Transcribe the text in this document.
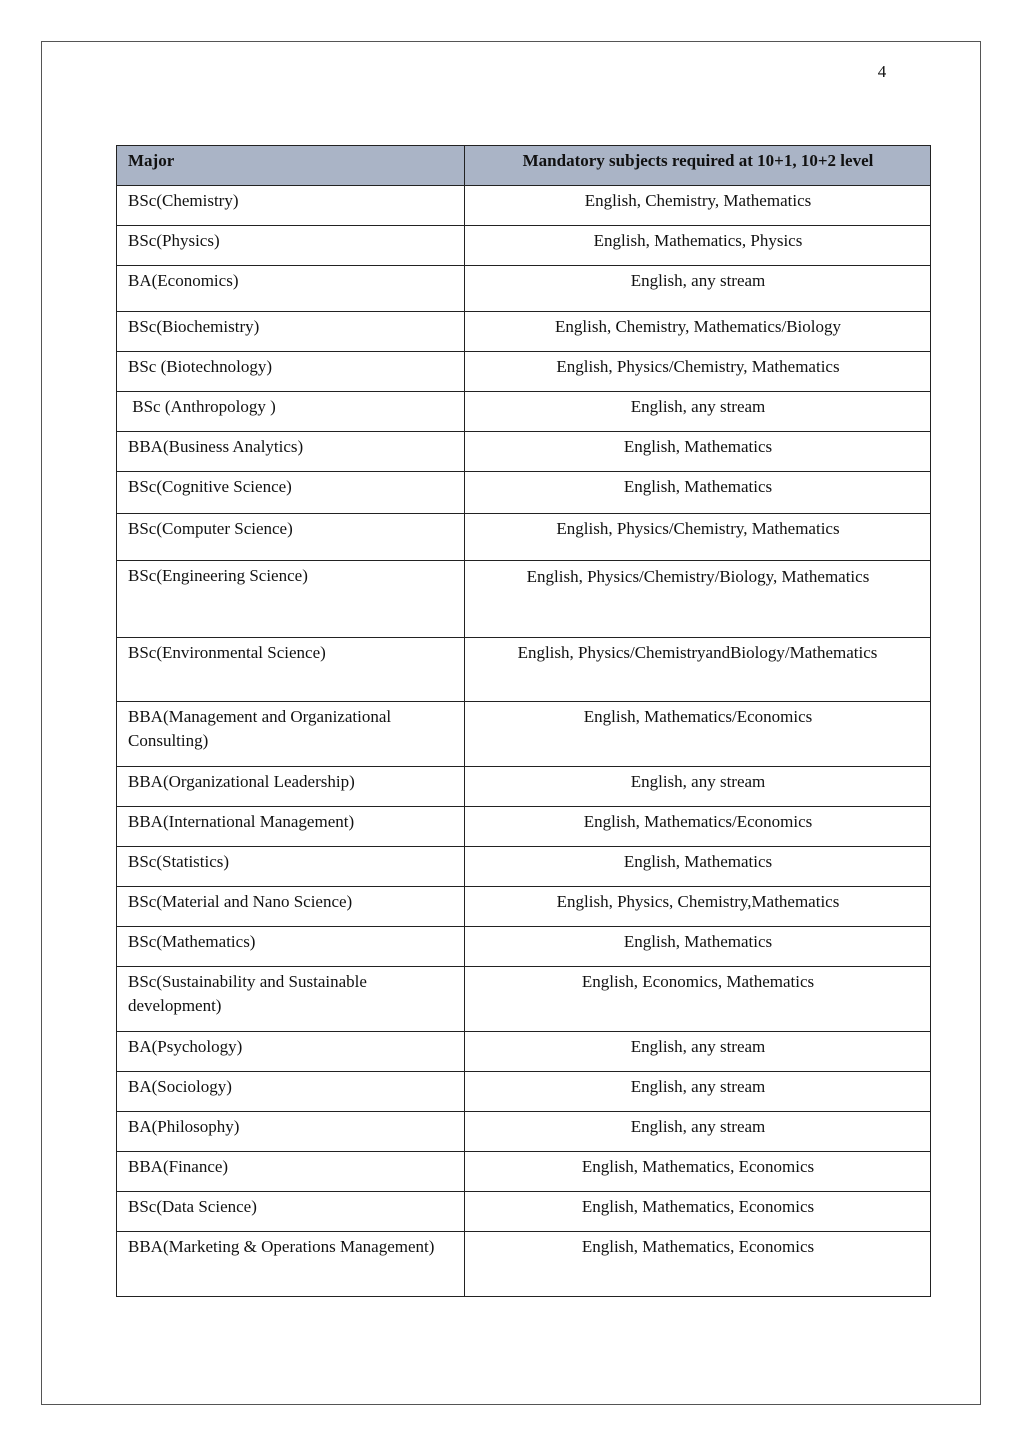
4
Major	Mandatory subjects required at 10+1, 10+2 level
BSc(Chemistry)	English, Chemistry, Mathematics
BSc(Physics)	English, Mathematics, Physics
BA(Economics)	English, any stream
BSc(Biochemistry)	English, Chemistry, Mathematics/Biology
BSc (Biotechnology)	English, Physics/Chemistry, Mathematics
BSc (Anthropology )	English, any stream
BBA(Business Analytics)	English, Mathematics
BSc(Cognitive Science)	English, Mathematics
BSc(Computer Science)	English, Physics/Chemistry, Mathematics
BSc(Engineering Science)	English, Physics/Chemistry/Biology, Mathematics

BSc(Environmental Science)	English, Physics/ChemistryandBiology/Mathematics
BBA(Management and Organizational Consulting)	English, Mathematics/Economics
BBA(Organizational Leadership)	English, any stream
BBA(International Management)	English, Mathematics/Economics
BSc(Statistics)	English, Mathematics
BSc(Material and Nano Science)	English, Physics, Chemistry,Mathematics
BSc(Mathematics)	English, Mathematics
BSc(Sustainability and Sustainable development)	English, Economics, Mathematics
BA(Psychology)	English, any stream
BA(Sociology)	English, any stream
BA(Philosophy)	English, any stream
BBA(Finance)	English, Mathematics, Economics
BSc(Data Science)	English, Mathematics, Economics
BBA(Marketing & Operations Management)	English, Mathematics, Economics
